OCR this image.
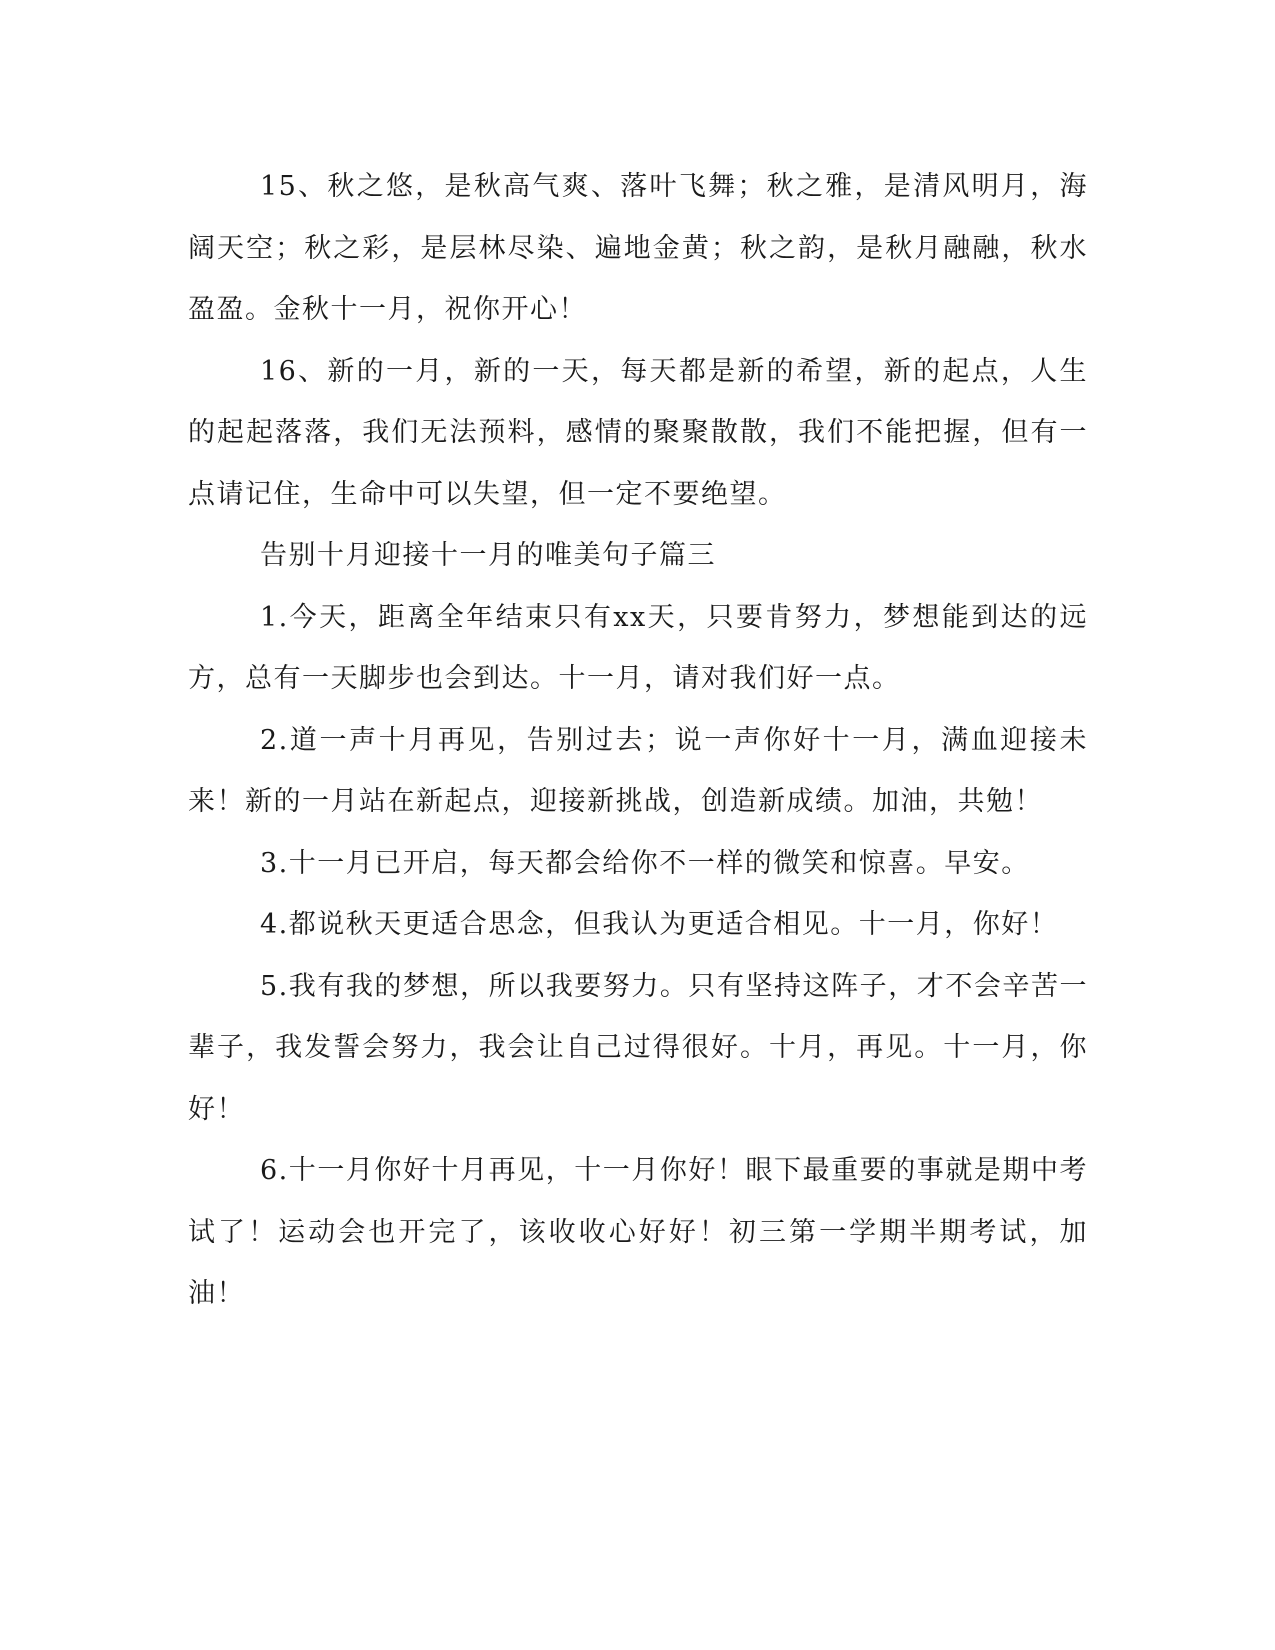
15、秋之悠，是秋高气爽、落叶飞舞；秋之雅，是清风明月，海阔天空；秋之彩，是层林尽染、遍地金黄；秋之韵，是秋月融融，秋水盈盈。金秋十一月，祝你开心！

16、新的一月，新的一天，每天都是新的希望，新的起点，人生的起起落落，我们无法预料，感情的聚聚散散，我们不能把握，但有一点请记住，生命中可以失望，但一定不要绝望。

告别十月迎接十一月的唯美句子篇三

1.今天，距离全年结束只有xx天，只要肯努力，梦想能到达的远方，总有一天脚步也会到达。十一月，请对我们好一点。

2.道一声十月再见，告别过去；说一声你好十一月，满血迎接未来！新的一月站在新起点，迎接新挑战，创造新成绩。加油，共勉！

3.十一月已开启，每天都会给你不一样的微笑和惊喜。早安。

4.都说秋天更适合思念，但我认为更适合相见。十一月，你好！

5.我有我的梦想，所以我要努力。只有坚持这阵子，才不会辛苦一辈子，我发誓会努力，我会让自己过得很好。十月，再见。十一月，你好！

6.十一月你好十月再见，十一月你好！眼下最重要的事就是期中考试了！运动会也开完了，该收收心好好！初三第一学期半期考试，加油！
